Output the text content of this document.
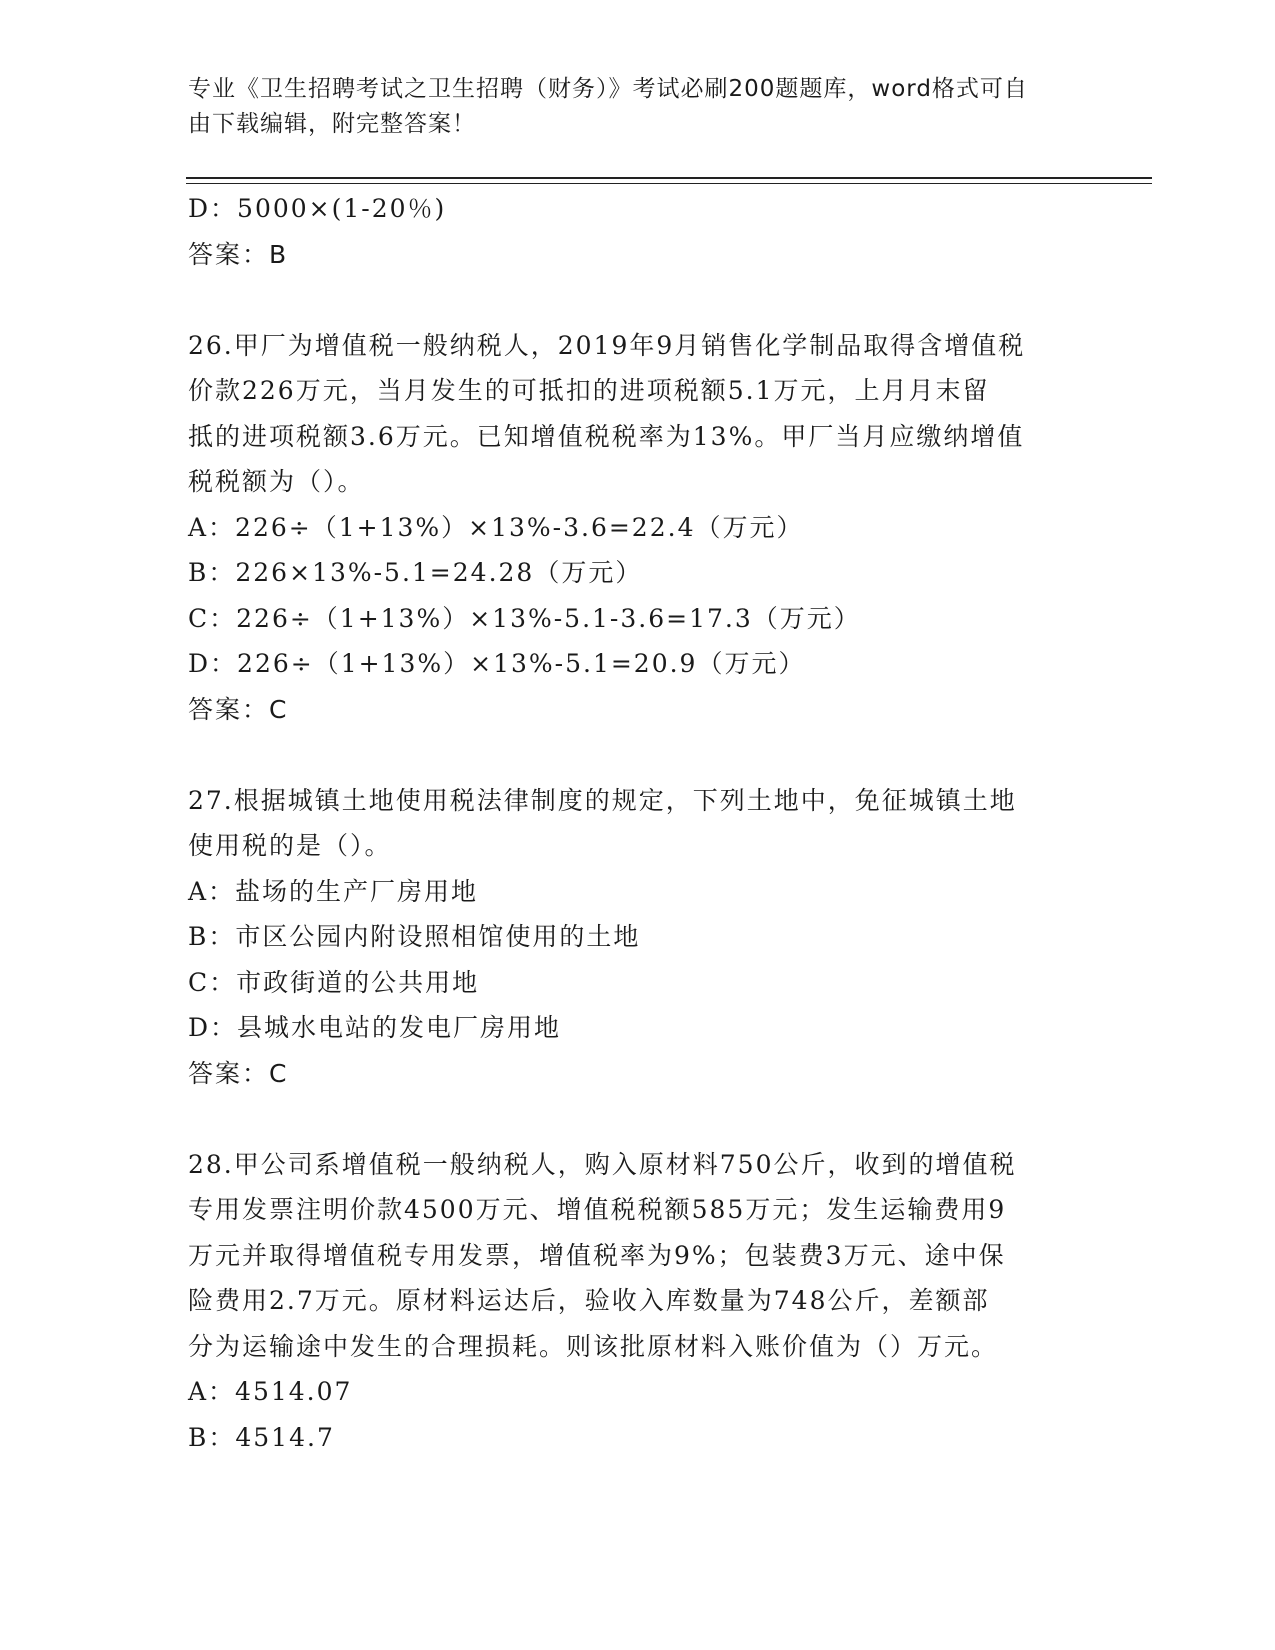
专业《卫生招聘考试之卫生招聘（财务）》考试必刷200题题库，word格式可自
由下载编辑，附完整答案！
D：5000×(1-20％)
答案：B
26.甲厂为增值税一般纳税人，2019年9月销售化学制品取得含增值税
价款226万元，当月发生的可抵扣的进项税额5.1万元，上月月末留
抵的进项税额3.6万元。已知增值税税率为13%。甲厂当月应缴纳增值
税税额为（）。
A：226÷（1+13%）×13%-3.6=22.4（万元）
B：226×13%-5.1=24.28（万元）
C：226÷（1+13%）×13%-5.1-3.6=17.3（万元）
D：226÷（1+13%）×13%-5.1=20.9（万元）
答案：C
27.根据城镇土地使用税法律制度的规定，下列土地中，免征城镇土地
使用税的是（）。
A：盐场的生产厂房用地
B：市区公园内附设照相馆使用的土地
C：市政街道的公共用地
D：县城水电站的发电厂房用地
答案：C
28.甲公司系增值税一般纳税人，购入原材料750公斤，收到的增值税
专用发票注明价款4500万元、增值税税额585万元；发生运输费用9
万元并取得增值税专用发票，增值税率为9%；包装费3万元、途中保
险费用2.7万元。原材料运达后，验收入库数量为748公斤，差额部
分为运输途中发生的合理损耗。则该批原材料入账价值为（）万元。
A：4514.07
B：4514.7
